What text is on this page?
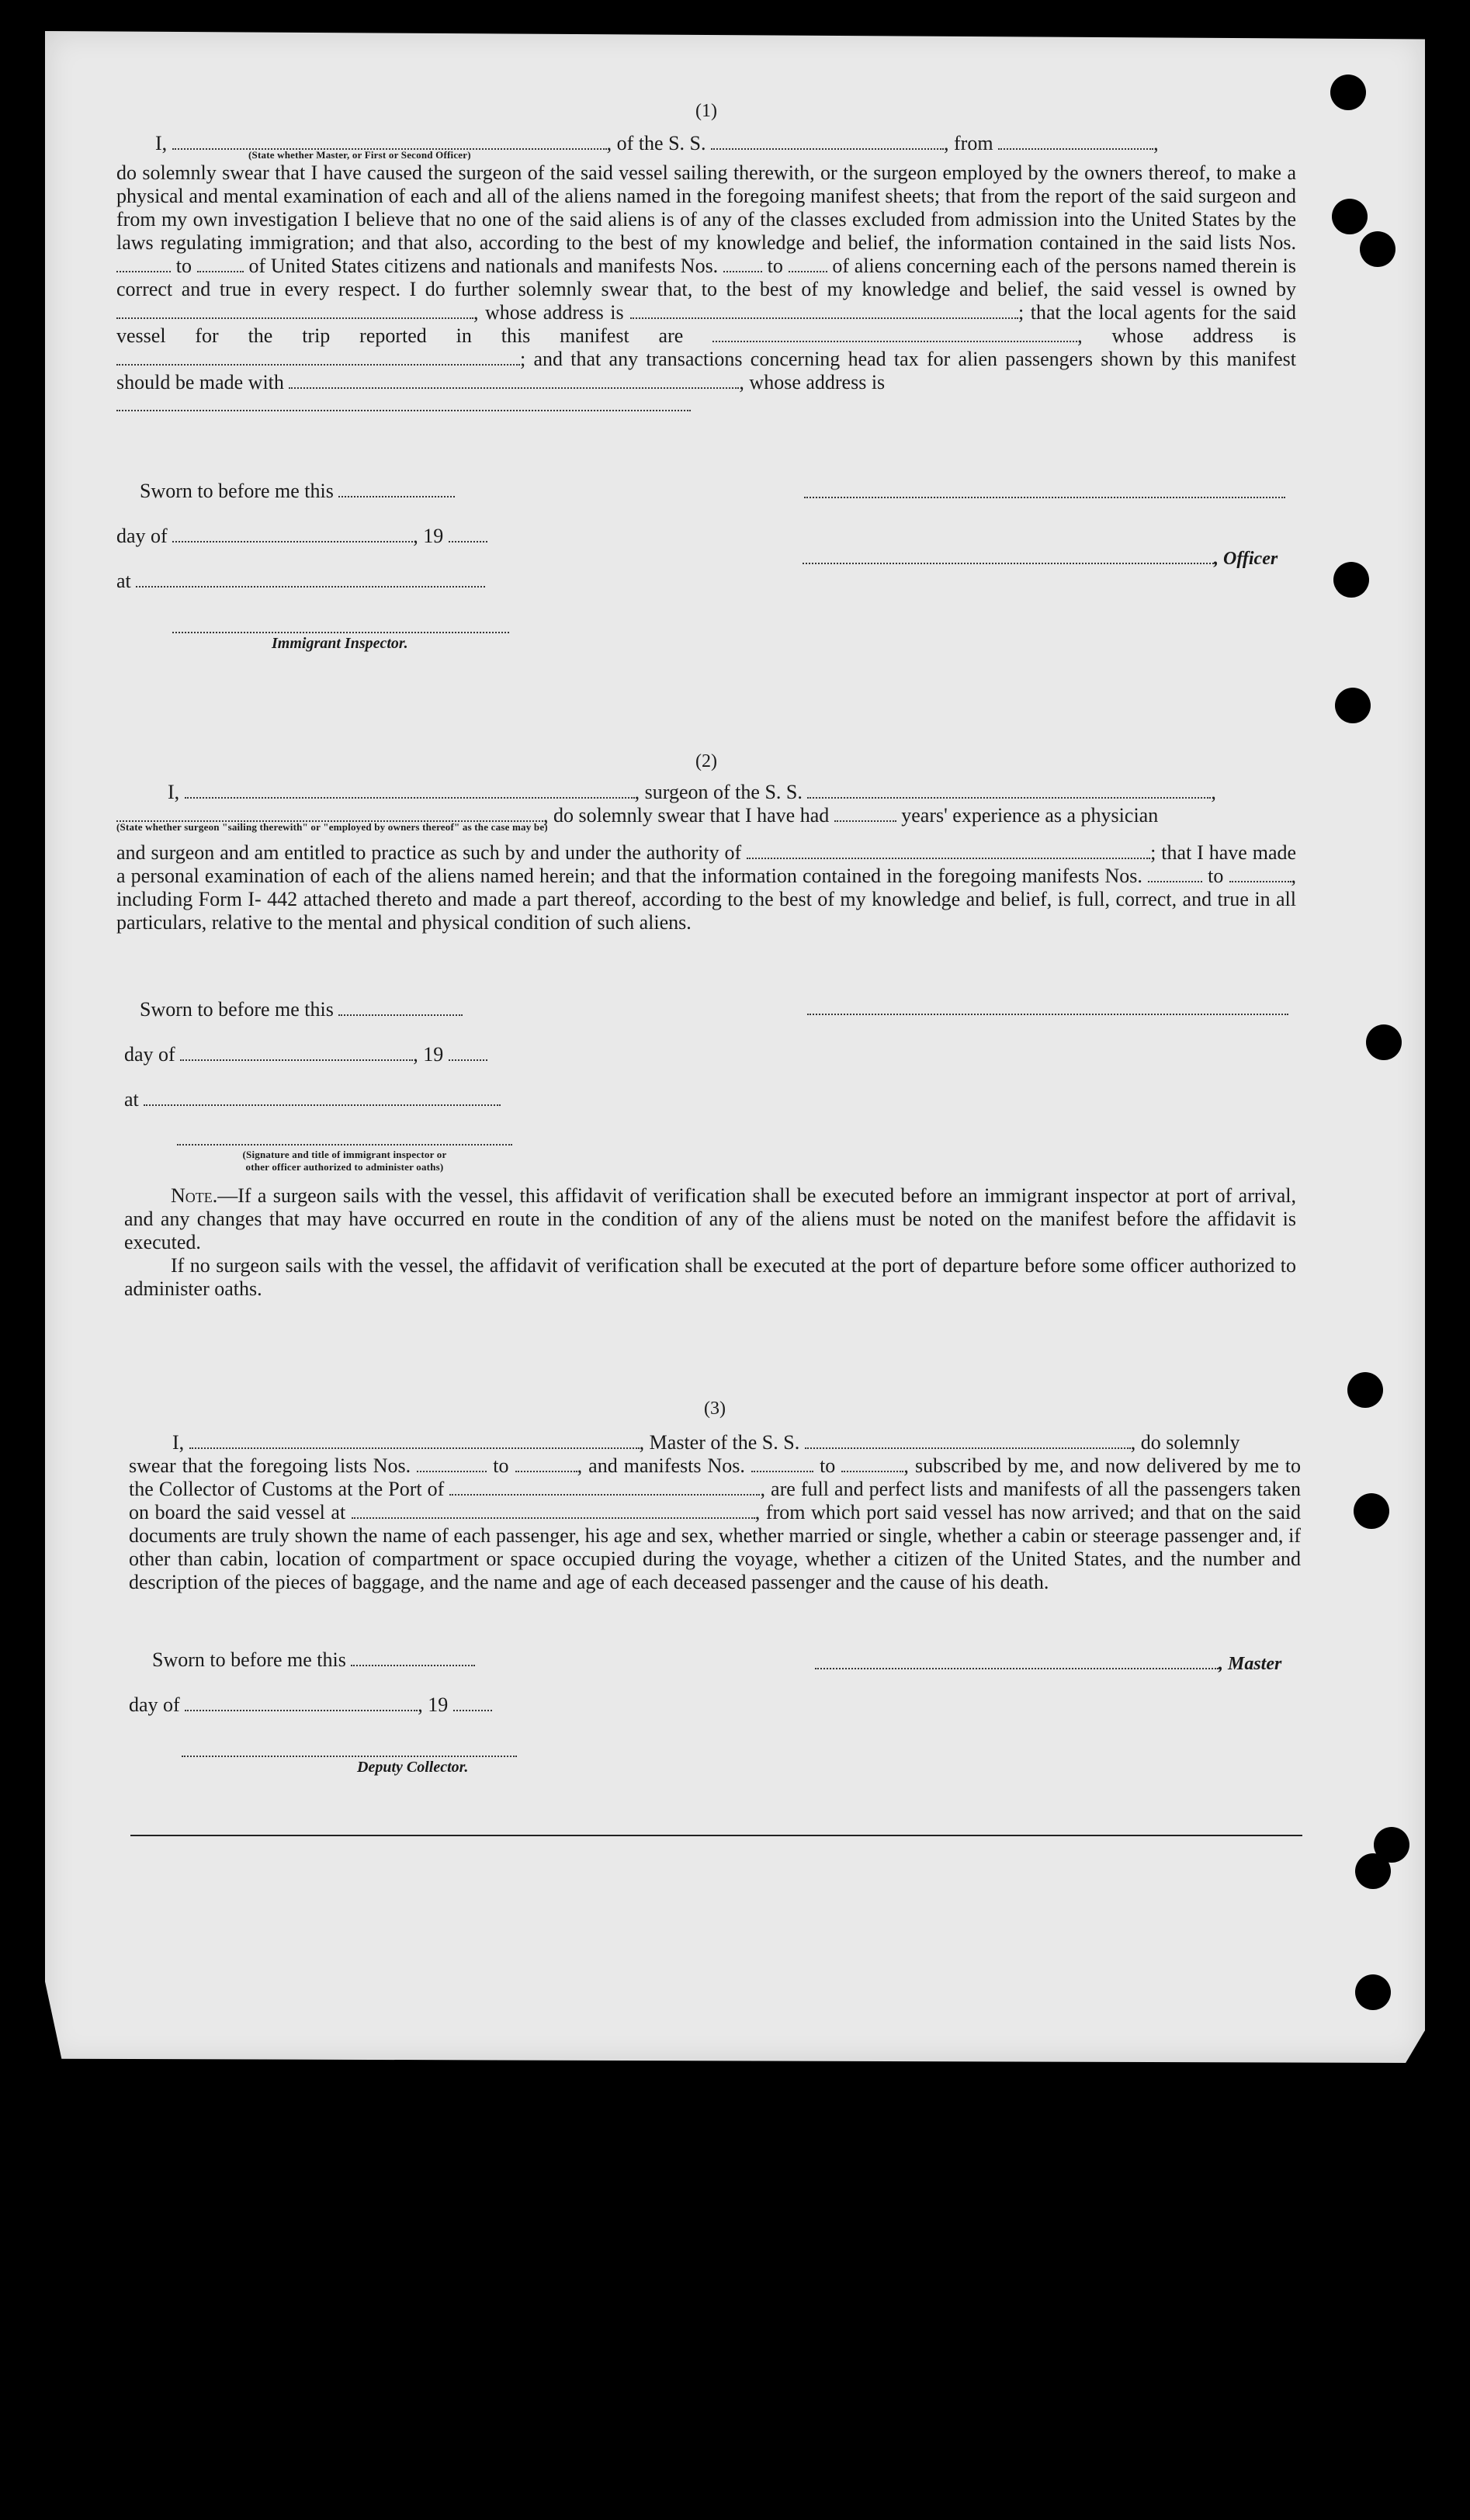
(1)

I,	, of the S. S.	, from	,

(State whether Master, or First or Second Officer)

do solemnly swear that I have caused the surgeon of the said vessel sailing therewith, or the surgeon employed by the owners thereof, to make a physical and mental examination of each and all of the aliens named in the foregoing manifest sheets; that from the report of the said surgeon and from my own investigation I believe that no one of the said aliens is of any of the classes excluded from admission into the United States by the laws regulating immigration; and that also, according to the best of my knowledge and belief, the information contained in the said lists Nos.  to	of United States citizens and nationals and manifests Nos. to of aliens concerning each of the persons named therein is correct and true in every respect. I do further solemnly swear that, to the best of my knowledge and belief, the said vessel is owned by , whose address is	; that the local agents for the said vessel for the trip reported in this manifest are	, whose address is ; and that any transactions concerning head tax for alien passengers shown by this manifest should be made with	, whose address is

Sworn to before me this
day of	, 19
, Officer
at
Immigrant Inspector.

(2)

I,	, surgeon of the S. S.	,

, do solemnly swear that I have had	years' experience as a physician

(State whether surgeon "sailing therewith" or "employed by owners thereof" as the case may be)

and surgeon and am entitled to practice as such by and under the authority of	; that I have made a personal examination of each of the aliens named herein; and that the information contained in the foregoing manifests Nos.	to	, including Form I- 442 attached thereto and made a part thereof, according to the best of my knowledge and belief, is full, correct, and true in all particulars, relative to the mental and physical condition of such aliens.

Sworn to before me this
day of	, 19
at
(Signature and title of immigrant inspector or
other officer authorized to administer oaths)

Note.—If a surgeon sails with the vessel, this affidavit of verification shall be executed before an immigrant inspector at port of arrival, and any changes that may have occurred en route in the condition of any of the aliens must be noted on the manifest before the affidavit is executed.

If no surgeon sails with the vessel, the affidavit of verification shall be executed at the port of departure before some officer authorized to administer oaths.

(3)

I,	, Master of the S. S.	, do solemnly

swear that the foregoing lists Nos.	to	, and manifests Nos.	to	, subscribed by me, and now delivered by me to the Collector of Customs at the Port of	, are full and perfect lists and manifests of all the passengers taken on board the said vessel at	, from which port said vessel has now arrived; and that on the said documents are truly shown the name of each passenger, his age and sex, whether married or single, whether a cabin or steerage passenger and, if other than cabin, location of compartment or space occupied during the voyage, whether a citizen of the United States, and the number and description of the pieces of baggage, and the name and age of each deceased passenger and the cause of his death.

Sworn to before me this	, Master
day of	, 19
Deputy Collector.
